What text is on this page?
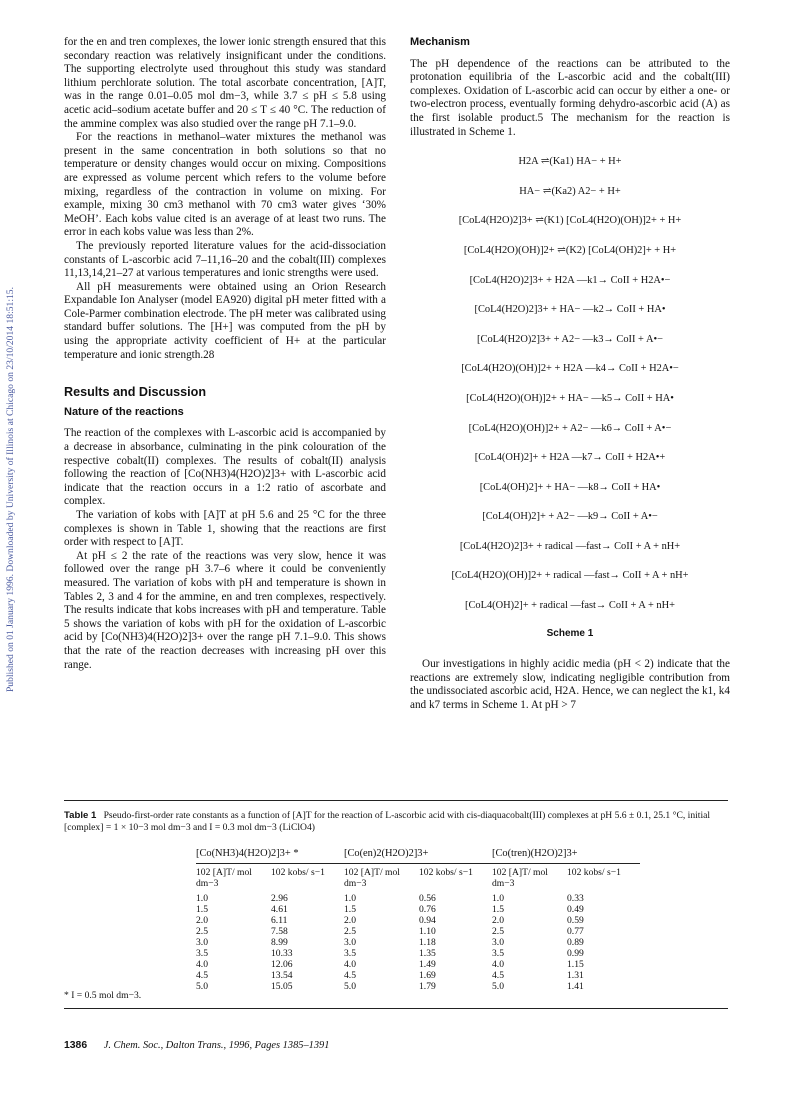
Published on 01 January 1996. Downloaded by University of Illinois at Chicago on 23/10/2014 18:51:15.

for the en and tren complexes, the lower ionic strength ensured that this secondary reaction was relatively insignificant under the conditions. The supporting electrolyte used throughout this study was standard lithium perchlorate solution. The total ascorbate concentration, [A]T, was in the range 0.01–0.05 mol dm−3, while 3.7 ≤ pH ≤ 5.8 using acetic acid–sodium acetate buffer and 20 ≤ T ≤ 40 °C. The reduction of the ammine complex was also studied over the range pH 7.1–9.0.

For the reactions in methanol–water mixtures the methanol was present in the same concentration in both solutions so that no temperature or density changes would occur on mixing. Compositions are expressed as volume percent which refers to the volume before mixing, regardless of the contraction in volume on mixing. For example, mixing 30 cm3 methanol with 70 cm3 water gives ‘30% MeOH’. Each kobs value cited is an average of at least two runs. The error in each kobs value was less than 2%.

The previously reported literature values for the acid-dissociation constants of L-ascorbic acid 7–11,16–20 and the cobalt(III) complexes 11,13,14,21–27 at various temperatures and ionic strengths were used.

All pH measurements were obtained using an Orion Research Expandable Ion Analyser (model EA920) digital pH meter fitted with a Cole-Parmer combination electrode. The pH meter was calibrated using standard buffer solutions. The [H+] was computed from the pH by using the appropriate activity coefficient of H+ at the particular temperature and ionic strength.28

Results and Discussion
Nature of the reactions

The reaction of the complexes with L-ascorbic acid is accompanied by a decrease in absorbance, culminating in the pink colouration of the respective cobalt(II) complexes. The results of cobalt(II) analysis following the reaction of [Co(NH3)4(H2O)2]3+ with L-ascorbic acid indicate that the reaction occurs in a 1:2 ratio of ascorbate and complex.

The variation of kobs with [A]T at pH 5.6 and 25 °C for the three complexes is shown in Table 1, showing that the reactions are first order with respect to [A]T.

At pH ≤ 2 the rate of the reactions was very slow, hence it was followed over the range pH 3.7–6 where it could be conveniently measured. The variation of kobs with pH and temperature is shown in Tables 2, 3 and 4 for the ammine, en and tren complexes, respectively. The results indicate that kobs increases with pH and temperature. Table 5 shows the variation of kobs with pH for the oxidation of L-ascorbic acid by [Co(NH3)4(H2O)2]3+ over the range pH 7.1–9.0. This shows that the rate of the reaction decreases with increasing pH over this range.

Mechanism

The pH dependence of the reactions can be attributed to the protonation equilibria of the L-ascorbic acid and the cobalt(III) complexes. Oxidation of L-ascorbic acid can occur by either a one- or two-electron process, eventually forming dehydro-ascorbic acid (A) as the first isolable product.5 The mechanism for the reaction is illustrated in Scheme 1.

H2A ⇌(Ka1) HA− + H+
HA− ⇌(Ka2) A2− + H+
[CoL4(H2O)2]3+ ⇌(K1) [CoL4(H2O)(OH)]2+ + H+
[CoL4(H2O)(OH)]2+ ⇌(K2) [CoL4(OH)2]+ + H+
[CoL4(H2O)2]3+ + H2A —k1→ CoII + H2A•−
[CoL4(H2O)2]3+ + HA− —k2→ CoII + HA•
[CoL4(H2O)2]3+ + A2− —k3→ CoII + A•−
[CoL4(H2O)(OH)]2+ + H2A —k4→ CoII + H2A•−
[CoL4(H2O)(OH)]2+ + HA− —k5→ CoII + HA•
[CoL4(H2O)(OH)]2+ + A2− —k6→ CoII + A•−
[CoL4(OH)2]+ + H2A —k7→ CoII + H2A•+
[CoL4(OH)2]+ + HA− —k8→ CoII + HA•
[CoL4(OH)2]+ + A2− —k9→ CoII + A•−
[CoL4(H2O)2]3+ + radical —fast→ CoII + A + nH+
[CoL4(H2O)(OH)]2+ + radical —fast→ CoII + A + nH+
[CoL4(OH)2]+ + radical —fast→ CoII + A + nH+
Scheme 1

Our investigations in highly acidic media (pH < 2) indicate that the reactions are extremely slow, indicating negligible contribution from the undissociated ascorbic acid, H2A. Hence, we can neglect the k1, k4 and k7 terms in Scheme 1. At pH > 7

Table 1 Pseudo-first-order rate constants as a function of [A]T for the reaction of L-ascorbic acid with cis-diaquacobalt(III) complexes at pH 5.6 ± 0.1, 25.1 °C, initial [complex] = 1 × 10−3 mol dm−3 and I = 0.3 mol dm−3 (LiClO4)
[Co(NH3)4(H2O)2]3+ *		[Co(en)2(H2O)2]3+		[Co(tren)(H2O)2]3+	

102 [A]T/ mol dm−3	102 kobs/ s−1	102 [A]T/ mol dm−3	102 kobs/ s−1	102 [A]T/ mol dm−3	102 kobs/ s−1

1.0	2.96	1.0	0.56	1.0	0.33
1.5	4.61	1.5	0.76	1.5	0.49
2.0	6.11	2.0	0.94	2.0	0.59
2.5	7.58	2.5	1.10	2.5	0.77
3.0	8.99	3.0	1.18	3.0	0.89
3.5	10.33	3.5	1.35	3.5	0.99
4.0	12.06	4.0	1.49	4.0	1.15
4.5	13.54	4.5	1.69	4.5	1.31
5.0	15.05	5.0	1.79	5.0	1.41
* I = 0.5 mol dm−3.
1386 J. Chem. Soc., Dalton Trans., 1996, Pages 1385–1391
